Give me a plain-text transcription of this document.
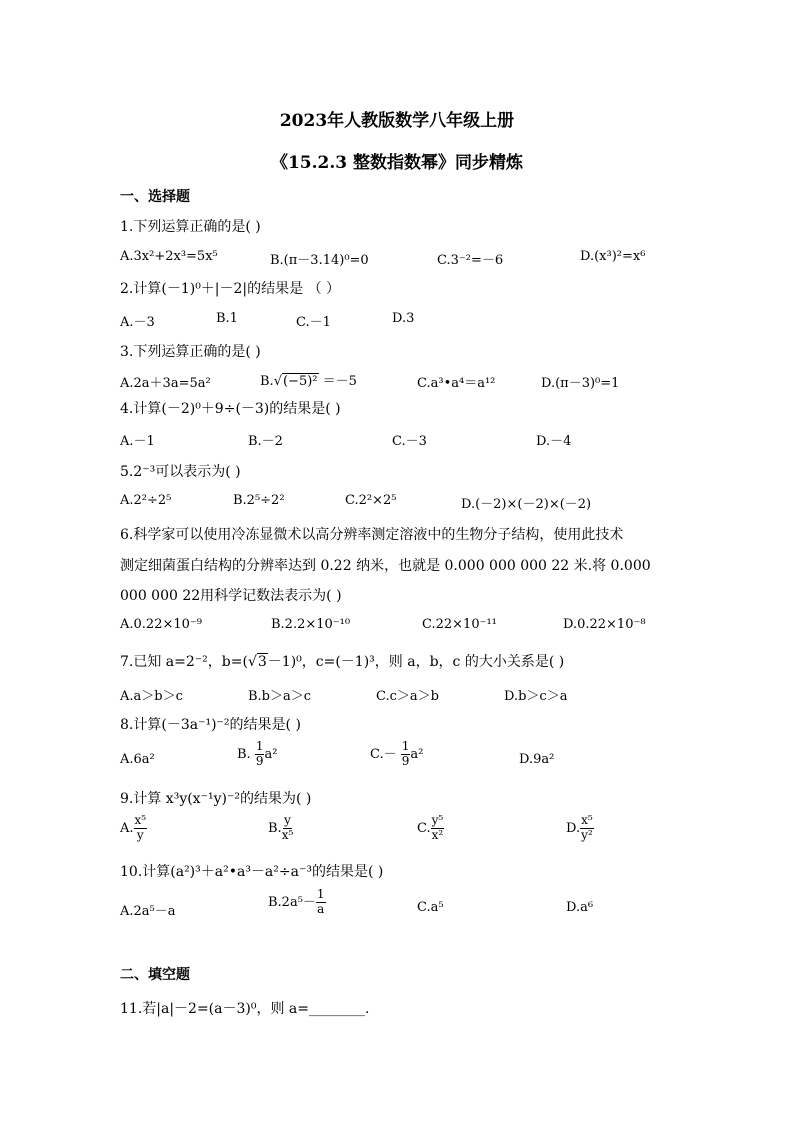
2023年人教版数学八年级上册
《15.2.3 整数指数幂》同步精炼
一、选择题
1.下列运算正确的是( )
A.3x²+2x³=5x⁵	B.(π－3.14)⁰=0	C.3⁻²=－6	D.(x³)²=x⁶
2.计算(－1)⁰＋|－2|的结果是 （ ）
A.－3	B.1	C.－1	D.3
3.下列运算正确的是( )
A.2a＋3a=5a²	B.√(−5)² ＝－5	C.a³•a⁴＝a¹²	D.(π－3)⁰=1
4.计算(－2)⁰＋9÷(－3)的结果是( )
A.－1	B.－2	C.－3	D.－4
5.2⁻³可以表示为( )
A.2²÷2⁵	B.2⁵÷2²	C.2²×2⁵	D.(－2)×(－2)×(－2)
6.科学家可以使用冷冻显微术以高分辨率测定溶液中的生物分子结构，使用此技术
测定细菌蛋白结构的分辨率达到 0.22 纳米，也就是 0.000 000 000 22 米.将 0.000
000 000 22用科学记数法表示为( )
A.0.22×10⁻⁹	B.2.2×10⁻¹⁰	C.22×10⁻¹¹	D.0.22×10⁻⁸
7.已知 a=2⁻²，b=(√3－1)⁰，c=(－1)³，则 a，b，c 的大小关系是( )
A.a＞b＞c	B.b＞a＞c	C.c＞a＞b	D.b＞c＞a
8.计算(－3a⁻¹)⁻²的结果是( )
A.6a²	B. $\frac{1}{9} a^2$	$C.- \frac{1}{9} a^2$	D.9a²
9.计算 x³y(x⁻¹y)⁻²的结果为( )
A. $\frac{\text{x⁵}}{y}$	B. $\frac{y}{\text{x⁵}}$	C. $\frac{\text{y⁵}}{\text{x²}}$	D. $\frac{\text{x⁵}}{\text{y²}}$
10.计算(a²)³＋a²•a³－a²÷a⁻³的结果是( )
A.2a⁵－a
$B.2a^5- \frac{1}{a}$	C.a⁵	D.a⁶
二、填空题
11.若|a|－2=(a－3)⁰，则 a=________.
